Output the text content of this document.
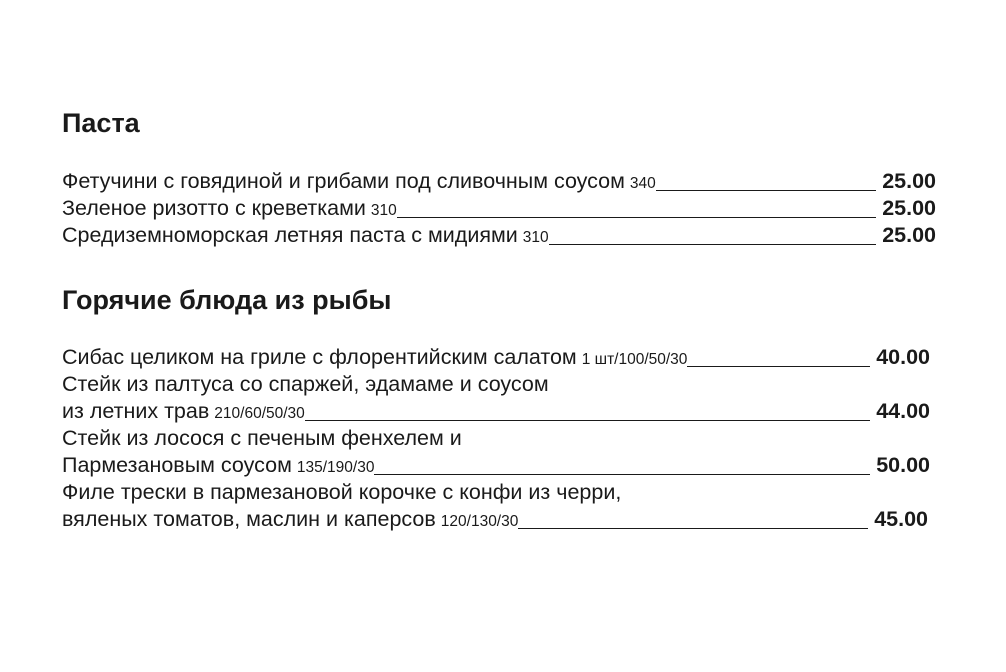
Паста
Фетучини с говядиной и грибами под сливочным соусом 340	25.00
Зеленое ризотто с креветками 310	25.00
Средиземноморская летняя паста с мидиями 310	25.00
Горячие блюда из рыбы
Сибас целиком на гриле с флорентийским салатом 1 шт/100/50/30	40.00
Стейк из палтуса со спаржей, эдамаме и соусом
из летних трав 210/60/50/30	44.00
Стейк из лосося с печеным фенхелем и
Пармезановым соусом 135/190/30	50.00
Филе трески в пармезановой корочке с конфи из черри,
вяленых томатов, маслин и каперсов 120/130/30	45.00
